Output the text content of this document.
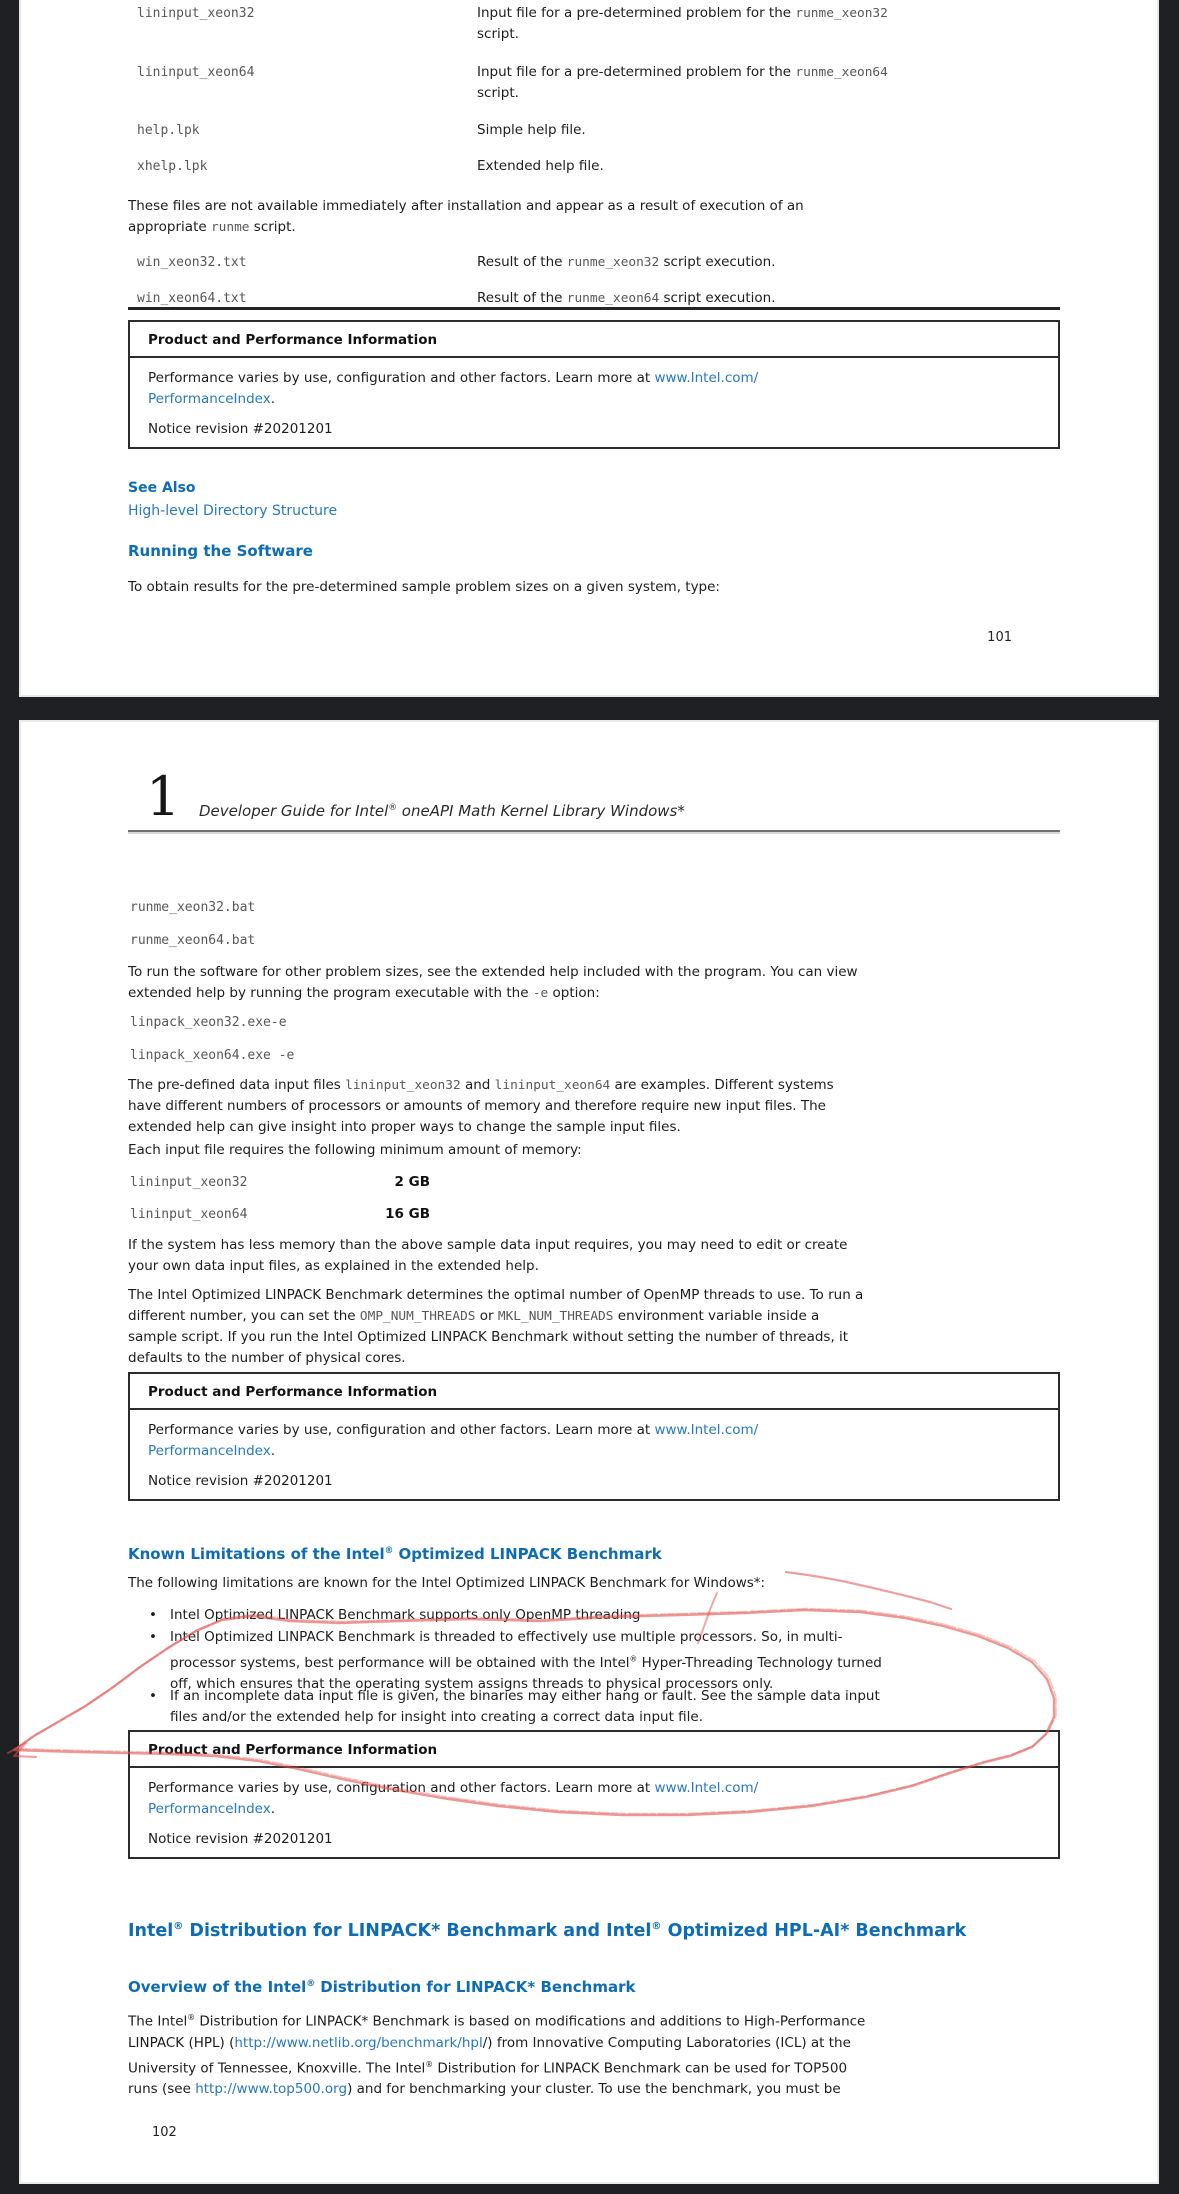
lininput_xeon32	Input file for a pre-determined problem for the runme_xeon32
script.
lininput_xeon64	Input file for a pre-determined problem for the runme_xeon64
script.
help.lpk	Simple help file.
xhelp.lpk	Extended help file.
These files are not available immediately after installation and appear as a result of execution of an
appropriate runme script.
win_xeon32.txt	Result of the runme_xeon32 script execution.
win_xeon64.txt	Result of the runme_xeon64 script execution.
Product and Performance Information
Performance varies by use, configuration and other factors. Learn more at www.Intel.com/
PerformanceIndex.
Notice revision #20201201
See Also
High-level Directory Structure
Running the Software
To obtain results for the pre-determined sample problem sizes on a given system, type:
101
1 Developer Guide for Intel® oneAPI Math Kernel Library Windows*
runme_xeon32.bat
runme_xeon64.bat
To run the software for other problem sizes, see the extended help included with the program. You can view
extended help by running the program executable with the -e option:
linpack_xeon32.exe-e
linpack_xeon64.exe -e
The pre-defined data input files lininput_xeon32 and lininput_xeon64 are examples. Different systems
have different numbers of processors or amounts of memory and therefore require new input files. The
extended help can give insight into proper ways to change the sample input files.
Each input file requires the following minimum amount of memory:
lininput_xeon32	2 GB
lininput_xeon64	16 GB
If the system has less memory than the above sample data input requires, you may need to edit or create
your own data input files, as explained in the extended help.
The Intel Optimized LINPACK Benchmark determines the optimal number of OpenMP threads to use. To run a
different number, you can set the OMP_NUM_THREADS or MKL_NUM_THREADS environment variable inside a
sample script. If you run the Intel Optimized LINPACK Benchmark without setting the number of threads, it
defaults to the number of physical cores.
Product and Performance Information
Performance varies by use, configuration and other factors. Learn more at www.Intel.com/
PerformanceIndex.
Notice revision #20201201
Known Limitations of the Intel® Optimized LINPACK Benchmark
The following limitations are known for the Intel Optimized LINPACK Benchmark for Windows*:
• Intel Optimized LINPACK Benchmark supports only OpenMP threading
• Intel Optimized LINPACK Benchmark is threaded to effectively use multiple processors. So, in multi-
processor systems, best performance will be obtained with the Intel® Hyper-Threading Technology turned
off, which ensures that the operating system assigns threads to physical processors only.
• If an incomplete data input file is given, the binaries may either hang or fault. See the sample data input
files and/or the extended help for insight into creating a correct data input file.
Product and Performance Information
Performance varies by use, configuration and other factors. Learn more at www.Intel.com/
PerformanceIndex.
Notice revision #20201201
Intel® Distribution for LINPACK* Benchmark and Intel® Optimized HPL-AI* Benchmark
Overview of the Intel® Distribution for LINPACK* Benchmark
The Intel® Distribution for LINPACK* Benchmark is based on modifications and additions to High-Performance
LINPACK (HPL) (http://www.netlib.org/benchmark/hpl/) from Innovative Computing Laboratories (ICL) at the
University of Tennessee, Knoxville. The Intel® Distribution for LINPACK Benchmark can be used for TOP500
runs (see http://www.top500.org) and for benchmarking your cluster. To use the benchmark, you must be
102
